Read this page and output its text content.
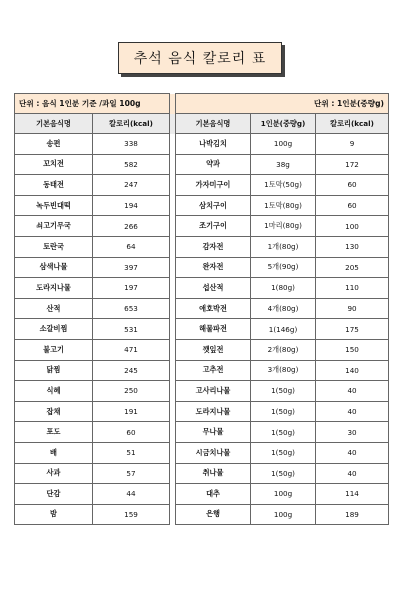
추석 음식 칼로리 표
단위 : 음식 1인분 기준 /과일 100g			단위 : 1인분(중량g)		
기본음식명	칼로리(kcal)		기본음식명	1인분(중량g)	칼로리(kcal)
송편	338		나박김치	100g	9
꼬치전	582		약과	38g	172
동태전	247		가자미구이	1토막(50g)	60
녹두빈대떡	194		삼치구이	1토막(80g)	60
쇠고기무국	266		조기구이	1마리(80g)	100
토란국	64		감자전	1개(80g)	130
삼색나물	397		완자전	5개(90g)	205
도라지나물	197		섭산적	1(80g)	110
산적	653		애호박전	4개(80g)	90
소갈비찜	531		해물파전	1(146g)	175
불고기	471		깻잎전	2개(80g)	150
닭찜	245		고추전	3개(80g)	140
식혜	250		고사리나물	1(50g)	40
잡채	191		도라지나물	1(50g)	40
포도	60		무나물	1(50g)	30
배	51		시금치나물	1(50g)	40
사과	57		취나물	1(50g)	40
단감	44		대추	100g	114
밤	159		은행	100g	189
